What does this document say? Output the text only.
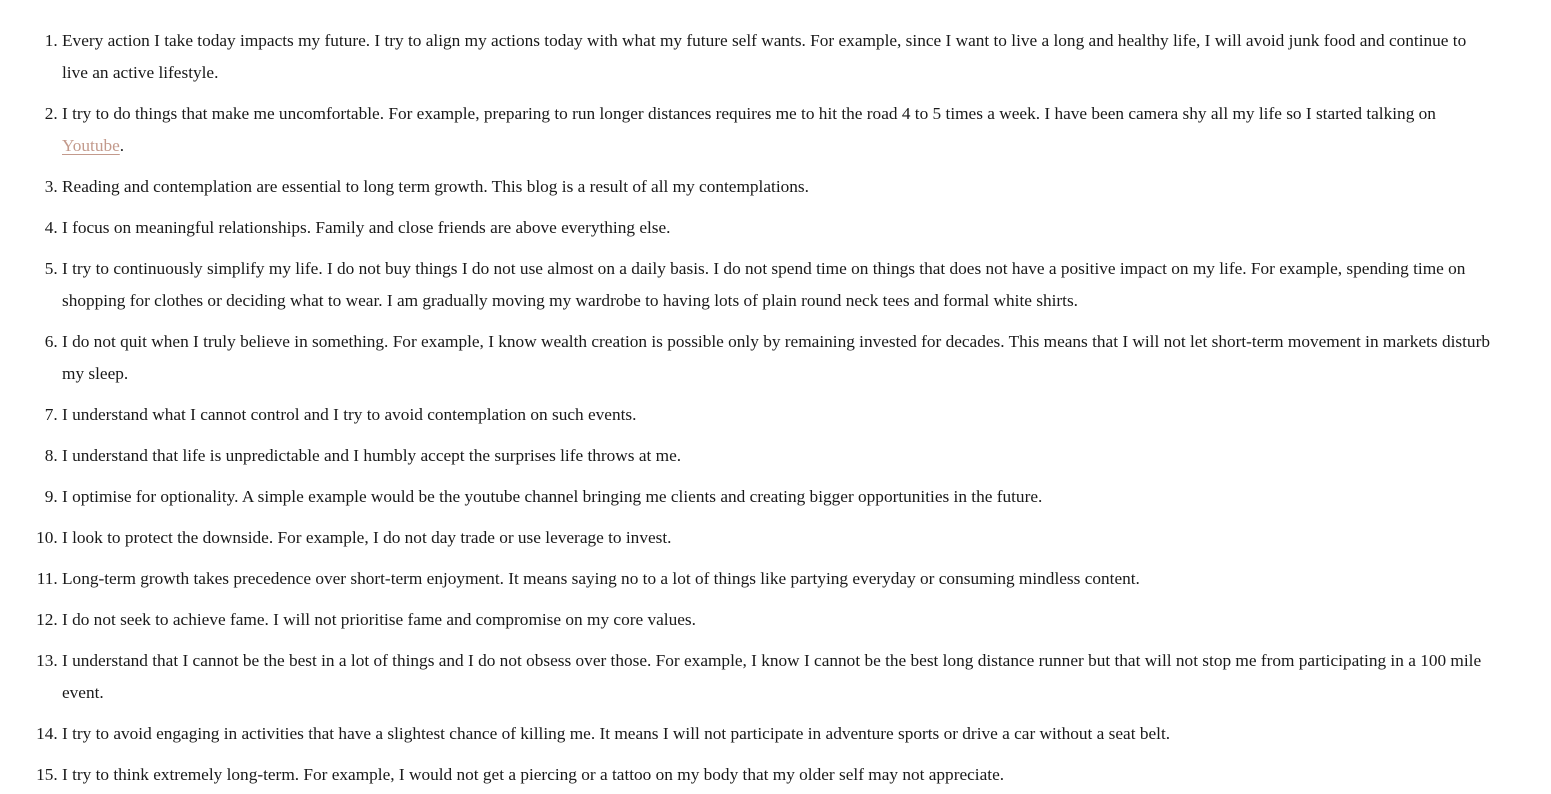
1. Every action I take today impacts my future. I try to align my actions today with what my future self wants. For example, since I want to live a long and healthy life, I will avoid junk food and continue to live an active lifestyle.
2. I try to do things that make me uncomfortable. For example, preparing to run longer distances requires me to hit the road 4 to 5 times a week. I have been camera shy all my life so I started talking on Youtube.
3. Reading and contemplation are essential to long term growth. This blog is a result of all my contemplations.
4. I focus on meaningful relationships. Family and close friends are above everything else.
5. I try to continuously simplify my life. I do not buy things I do not use almost on a daily basis. I do not spend time on things that does not have a positive impact on my life. For example, spending time on shopping for clothes or deciding what to wear. I am gradually moving my wardrobe to having lots of plain round neck tees and formal white shirts.
6. I do not quit when I truly believe in something. For example, I know wealth creation is possible only by remaining invested for decades. This means that I will not let short-term movement in markets disturb my sleep.
7. I understand what I cannot control and I try to avoid contemplation on such events.
8. I understand that life is unpredictable and I humbly accept the surprises life throws at me.
9. I optimise for optionality. A simple example would be the youtube channel bringing me clients and creating bigger opportunities in the future.
10. I look to protect the downside. For example, I do not day trade or use leverage to invest.
11. Long-term growth takes precedence over short-term enjoyment. It means saying no to a lot of things like partying everyday or consuming mindless content.
12. I do not seek to achieve fame. I will not prioritise fame and compromise on my core values.
13. I understand that I cannot be the best in a lot of things and I do not obsess over those. For example, I know I cannot be the best long distance runner but that will not stop me from participating in a 100 mile event.
14. I try to avoid engaging in activities that have a slightest chance of killing me. It means I will not participate in adventure sports or drive a car without a seat belt.
15. I try to think extremely long-term. For example, I would not get a piercing or a tattoo on my body that my older self may not appreciate.
